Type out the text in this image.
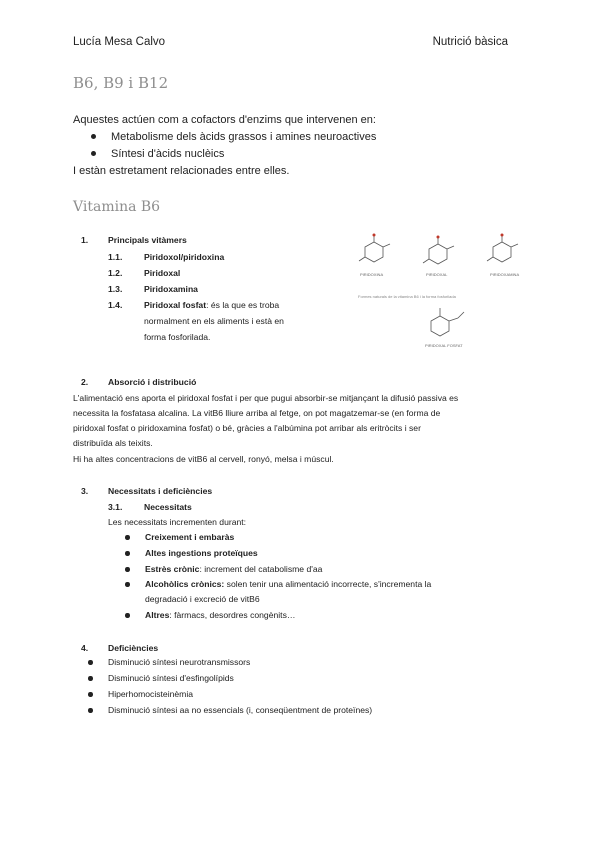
Lucía Mesa Calvo	Nutrició bàsica
B6, B9 i B12
Aquestes actúen com a cofactors d'enzims que intervenen en:
Metabolisme dels àcids grassos i amines neuroactives
Síntesi d'àcids nuclèics
I estàn estretament relacionades entre elles.
Vitamina B6
1. Principals vitàmers
1.1.	Piridoxol/piridoxina
1.2.	Piridoxal
1.3.	Piridoxamina
1.4.	Piridoxal fosfat: és la que es troba
normalment en els aliments i està en
forma fosforilada.
PIRIDOXINA	PIRIDOXAL	PIRIDOXAMINA
Formes naturals de la vitamina B6 i la forma fosforilada
PIRIDOXAL FOSFAT
2. Absorció i distribució
L'alimentació ens aporta el piridoxal fosfat i per que pugui absorbir-se mitjançant la difusió passiva es
necessita la fosfatasa alcalina. La vitB6 lliure arriba al fetge, on pot magatzemar-se (en forma de
piridoxal fosfat o piridoxamina fosfat) o bé, gràcies a l'albúmina pot arribar als eritròcits i ser
distribuïda als teixits.
Hi ha altes concentracions de vitB6 al cervell, ronyó, melsa i múscul.
3. Necessitats i deficiències
3.1.	Necessitats
Les necessitats incrementen durant:
Creixement i embaràs
Altes ingestions proteïques
Estrès crònic: increment del catabolisme d'aa
Alcohòlics crònics: solen tenir una alimentació incorrecte, s'incrementa la
degradació i excreció de vitB6
Altres: fàrmacs, desordres congènits…
4. Deficiències
Disminució síntesi neurotransmissors
Disminució síntesi d'esfingolípids
Hiperhomocisteinèmia
Disminució síntesi aa no essencials (i, conseqüentment de proteïnes)
